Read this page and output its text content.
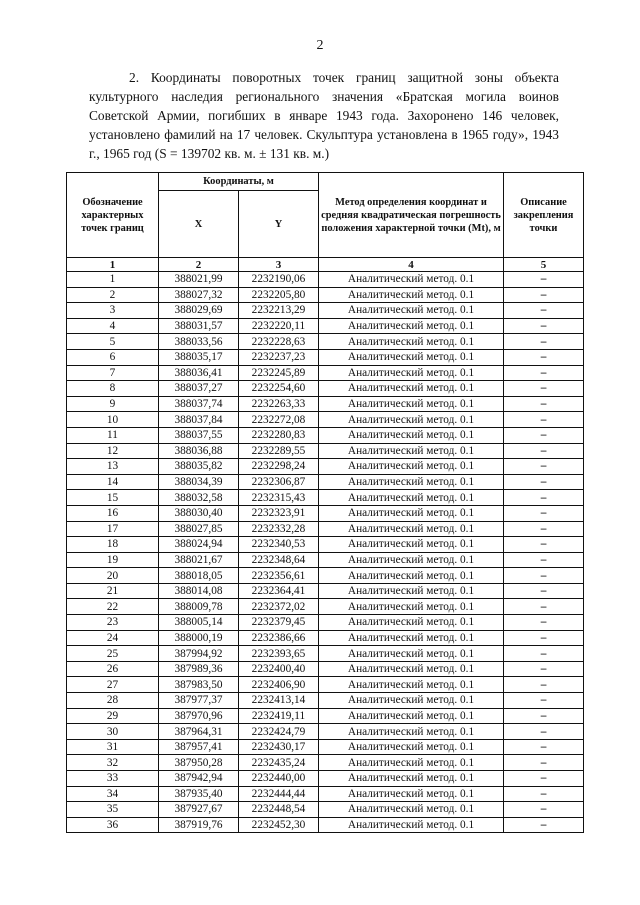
2

2. Координаты поворотных точек границ защитной зоны объекта культурного наследия регионального значения «Братская могила воинов Советской Армии, погибших в январе 1943 года. Захоронено 146 человек, установлено фамилий на 17 человек. Скульптура установлена в 1965 году», 1943 г., 1965 год (S = 139702 кв. м. ± 131 кв. м.)

Обозначение характерных точек границ	Координаты, м		Метод определения координат и средняя квадратическая погрешность положения характерной точки (Mt), м	Описание закрепления точки
	X	Y		
1	2	3	4	5
1	388021,99	2232190,06	Аналитический метод. 0.1	–
2	388027,32	2232205,80	Аналитический метод. 0.1	–
3	388029,69	2232213,29	Аналитический метод. 0.1	–
4	388031,57	2232220,11	Аналитический метод. 0.1	–
5	388033,56	2232228,63	Аналитический метод. 0.1	–
6	388035,17	2232237,23	Аналитический метод. 0.1	–
7	388036,41	2232245,89	Аналитический метод. 0.1	–
8	388037,27	2232254,60	Аналитический метод. 0.1	–
9	388037,74	2232263,33	Аналитический метод. 0.1	–
10	388037,84	2232272,08	Аналитический метод. 0.1	–
11	388037,55	2232280,83	Аналитический метод. 0.1	–
12	388036,88	2232289,55	Аналитический метод. 0.1	–
13	388035,82	2232298,24	Аналитический метод. 0.1	–
14	388034,39	2232306,87	Аналитический метод. 0.1	–
15	388032,58	2232315,43	Аналитический метод. 0.1	–
16	388030,40	2232323,91	Аналитический метод. 0.1	–
17	388027,85	2232332,28	Аналитический метод. 0.1	–
18	388024,94	2232340,53	Аналитический метод. 0.1	–
19	388021,67	2232348,64	Аналитический метод. 0.1	–
20	388018,05	2232356,61	Аналитический метод. 0.1	–
21	388014,08	2232364,41	Аналитический метод. 0.1	–
22	388009,78	2232372,02	Аналитический метод. 0.1	–
23	388005,14	2232379,45	Аналитический метод. 0.1	–
24	388000,19	2232386,66	Аналитический метод. 0.1	–
25	387994,92	2232393,65	Аналитический метод. 0.1	–
26	387989,36	2232400,40	Аналитический метод. 0.1	–
27	387983,50	2232406,90	Аналитический метод. 0.1	–
28	387977,37	2232413,14	Аналитический метод. 0.1	–
29	387970,96	2232419,11	Аналитический метод. 0.1	–
30	387964,31	2232424,79	Аналитический метод. 0.1	–
31	387957,41	2232430,17	Аналитический метод. 0.1	–
32	387950,28	2232435,24	Аналитический метод. 0.1	–
33	387942,94	2232440,00	Аналитический метод. 0.1	–
34	387935,40	2232444,44	Аналитический метод. 0.1	–
35	387927,67	2232448,54	Аналитический метод. 0.1	–
36	387919,76	2232452,30	Аналитический метод. 0.1	–
